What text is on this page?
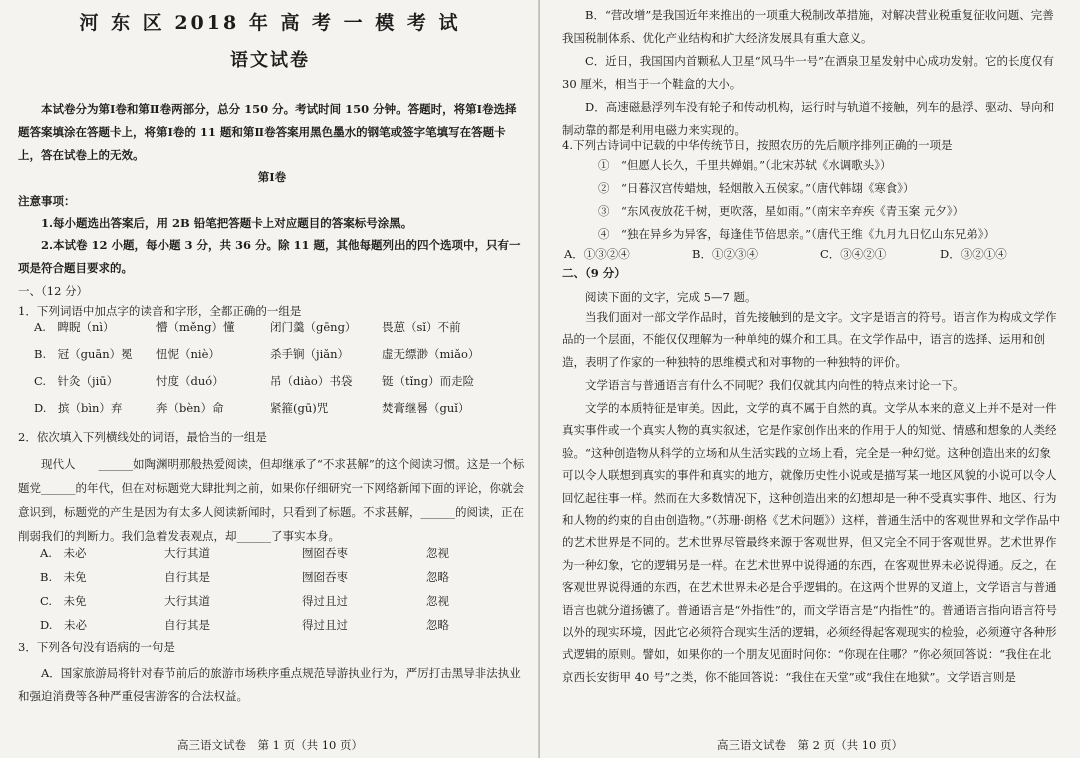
河 东 区 2018 年 高 考 一 模 考 试
语文试卷
本试卷分为第Ⅰ卷和第Ⅱ卷两部分，总分 150 分。考试时间 150 分钟。答题时，将第Ⅰ卷选择题答案填涂在答题卡上，将第Ⅰ卷的 11 题和第Ⅱ卷答案用黑色墨水的钢笔或签字笔填写在答题卡上，答在试卷上的无效。
第Ⅰ卷
注意事项：
1.每小题选出答案后，用 2B 铅笔把答题卡上对应题目的答案标号涂黑。
2.本试卷 12 小题，每小题 3 分，共 36 分。除 11 题，其他每题列出的四个选项中，只有一项是符合题目要求的。
一、（12 分）
1．下列词语中加点字的读音和字形，全都正确的一组是
A.　睥睨（nì）	懵（měng）懂	闭门羹（gēng） 畏葸（sǐ）不前
B.　冠（guān）冕 忸怩（niè）	杀手锏（jiǎn）	虚无缥渺（miǎo）
C.　针灸（jiū）	忖度（duó）	吊（diào）书袋	铤（tǐng）而走险
D.　摈（bìn）弃	奔（bèn）命	紧箍(gū)咒	焚膏继晷（guǐ）
2．依次填入下列横线处的词语，最恰当的一组是
现代人 ______如陶渊明那般热爱阅读，但却继承了“不求甚解”的这个阅读习惯。这是一个标题党______的年代，但在对标题党大肆批判之前，如果你仔细研究一下网络新闻下面的评论，你就会意识到，标题党的产生是因为有太多人阅读新闻时，只看到了标题。不求甚解，______的阅读，正在削弱我们的判断力。我们急着发表观点，却______了事实本身。
A.　未必	大行其道	囫囵吞枣	忽视
B.　未免	自行其是	囫囵吞枣	忽略
C.　未免	大行其道	得过且过	忽视
D.　未必	自行其是	得过且过	忽略
3．下列各句没有语病的一句是
A．国家旅游局将针对春节前后的旅游市场秩序重点规范导游执业行为，严厉打击黑导非法执业和强迫消费等各种严重侵害游客的合法权益。
高三语文试卷　第 1 页（共 10 页）
B．“营改增”是我国近年来推出的一项重大税制改革措施，对解决营业税重复征收问题、完善我国税制体系、优化产业结构和扩大经济发展具有重大意义。
C．近日，我国国内首颗私人卫星“风马牛一号”在酒泉卫星发射中心成功发射。它的长度仅有 30 厘米，相当于一个鞋盒的大小。
D．高速磁悬浮列车没有轮子和传动机构，运行时与轨道不接触，列车的悬浮、驱动、导向和制动靠的都是利用电磁力来实现的。
4.下列古诗词中记载的中华传统节日，按照农历的先后顺序排列正确的一项是
①　“但愿人长久，千里共婵娟。”（北宋苏轼《水调歌头》）
②　“日暮汉宫传蜡烛，轻烟散入五侯家。”（唐代韩翃《寒食》）
③　“东风夜放花千树，更吹落，星如雨。”（南宋辛弃疾《青玉案 元夕》）
④　“独在异乡为异客，每逢佳节倍思亲。”（唐代王维《九月九日忆山东兄弟》）
A．①③②④	B．①②③④	C．③④②①	D．③②①④
二、（9 分）
阅读下面的文字，完成 5—7 题。
当我们面对一部文学作品时，首先接触到的是文字。文字是语言的符号。语言作为构成文学作品的一个层面，不能仅仅理解为一种单纯的媒介和工具。在文学作品中，语言的选择、运用和创造，表明了作家的一种独特的思维模式和对事物的一种独特的评价。
文学语言与普通语言有什么不同呢？我们仅就其内向性的特点来讨论一下。
文学的本质特征是审美。因此，文学的真不属于自然的真。文学从本来的意义上并不是对一件真实事件或一个真实人物的真实叙述，它是作家创作出来的作用于人的知觉、情感和想象的人类经验。“这种创造物从科学的立场和从生活实践的立场上看，完全是一种幻觉。这种创造出来的幻象可以令人联想到真实的事件和真实的地方，就像历史性小说或是描写某一地区风貌的小说可以令人回忆起往事一样。然而在大多数情况下，这种创造出来的幻想却是一种不受真实事件、地区、行为和人物的约束的自由创造物。”（苏珊·朗格《艺术问题》）这样，普通生活中的客观世界和文学作品中的艺术世界是不同的。艺术世界尽管最终来源于客观世界，但又完全不同于客观世界。艺术世界作为一种幻象，它的逻辑另是一样。在艺术世界中说得通的东西，在客观世界未必说得通。反之，在客观世界说得通的东西，在艺术世界未必是合乎逻辑的。在这两个世界的叉道上，文学语言与普通语言也就分道扬镳了。普通语言是“外指性”的，而文学语言是“内指性”的。普通语言指向语言符号以外的现实环境，因此它必须符合现实生活的逻辑，必须经得起客观现实的检验，必须遵守各种形式逻辑的原则。譬如，如果你的一个朋友见面时问你：“你现在住哪？”你必须回答说：“我住在北京西长安街甲 40 号”之类，你不能回答说：“我住在天堂”或“我住在地狱”。文学语言则是
高三语文试卷　第 2 页（共 10 页）
